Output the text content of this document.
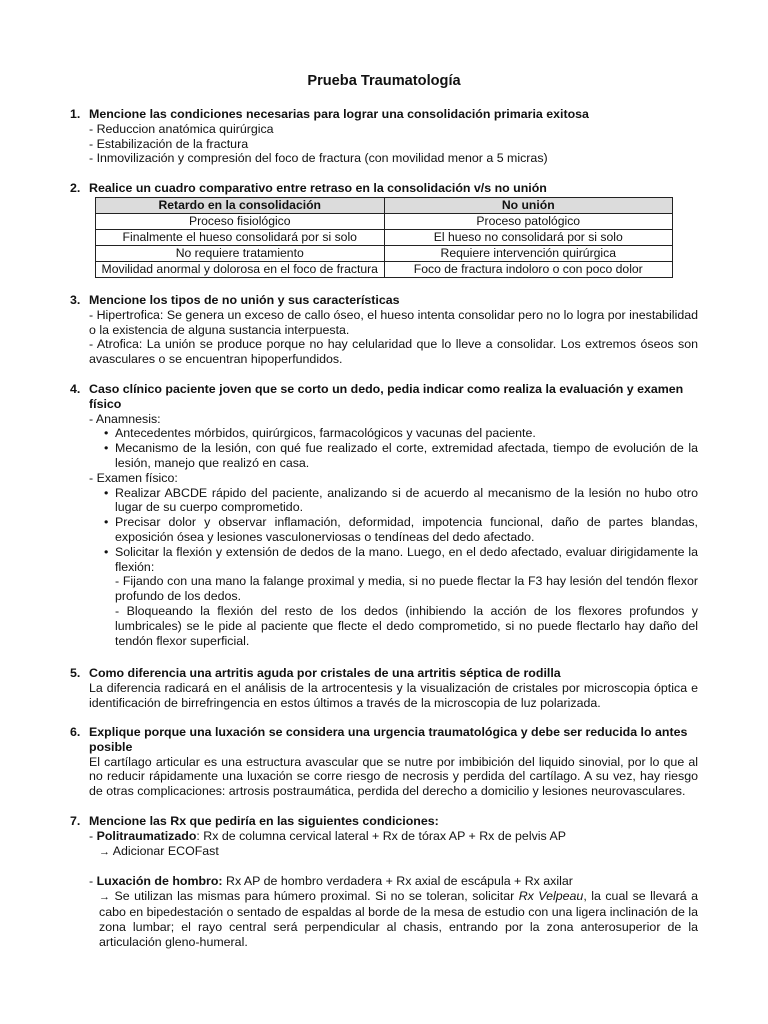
Prueba Traumatología
1. Mencione las condiciones necesarias para lograr una consolidación primaria exitosa
- Reduccion anatómica quirúrgica
- Estabilización de la fractura
- Inmovilización y compresión del foco de fractura (con movilidad menor a 5 micras)
2. Realice un cuadro comparativo entre retraso en la consolidación v/s no unión
Retardo en la consolidación	No unión
Proceso fisiológico	Proceso patológico
Finalmente el hueso consolidará por si solo	El hueso no consolidará por si solo
No requiere tratamiento	Requiere intervención quirúrgica
Movilidad anormal y dolorosa en el foco de fractura	Foco de fractura indoloro o con poco dolor
3. Mencione los tipos de no unión y sus características
- Hipertrofica: Se genera un exceso de callo óseo, el hueso intenta consolidar pero no lo logra por inestabilidad o la existencia de alguna sustancia interpuesta.
- Atrofica: La unión se produce porque no hay celularidad que lo lleve a consolidar. Los extremos óseos son avasculares o se encuentran hipoperfundidos.
4. Caso clínico paciente joven que se corto un dedo, pedia indicar como realiza la evaluación y examen físico
- Anamnesis:
• Antecedentes mórbidos, quirúrgicos, farmacológicos y vacunas del paciente.
• Mecanismo de la lesión, con qué fue realizado el corte, extremidad afectada, tiempo de evolución de la lesión, manejo que realizó en casa.
- Examen físico:
• Realizar ABCDE rápido del paciente, analizando si de acuerdo al mecanismo de la lesión no hubo otro lugar de su cuerpo comprometido.
• Precisar dolor y observar inflamación, deformidad, impotencia funcional, daño de partes blandas, exposición ósea y lesiones vasculonerviosas o tendíneas del dedo afectado.
• Solicitar la flexión y extensión de dedos de la mano. Luego, en el dedo afectado, evaluar dirigidamente la flexión:
- Fijando con una mano la falange proximal y media, si no puede flectar la F3 hay lesión del tendón flexor profundo de los dedos.
- Bloqueando la flexión del resto de los dedos (inhibiendo la acción de los flexores profundos y lumbricales) se le pide al paciente que flecte el dedo comprometido, si no puede flectarlo hay daño del tendón flexor superficial.
5. Como diferencia una artritis aguda por cristales de una artritis séptica de rodilla
La diferencia radicará en el análisis de la artrocentesis y la visualización de cristales por microscopia óptica e identificación de birrefringencia en estos últimos a través de la microscopia de luz polarizada.
6. Explique porque una luxación se considera una urgencia traumatológica y debe ser reducida lo antes posible
El cartílago articular es una estructura avascular que se nutre por imbibición del liquido sinovial, por lo que al no reducir rápidamente una luxación se corre riesgo de necrosis y perdida del cartílago. A su vez, hay riesgo de otras complicaciones: artrosis postraumática, perdida del derecho a domicilio y lesiones neurovasculares.
7. Mencione las Rx que pediría en las siguientes condiciones:
- Politraumatizado: Rx de columna cervical lateral + Rx de tórax AP + Rx de pelvis AP
→ Adicionar ECOFast
- Luxación de hombro: Rx AP de hombro verdadera + Rx axial de escápula + Rx axilar
→ Se utilizan las mismas para húmero proximal. Si no se toleran, solicitar Rx Velpeau, la cual se llevará a cabo en bipedestación o sentado de espaldas al borde de la mesa de estudio con una ligera inclinación de la zona lumbar; el rayo central será perpendicular al chasis, entrando por la zona anterosuperior de la articulación gleno-humeral.
